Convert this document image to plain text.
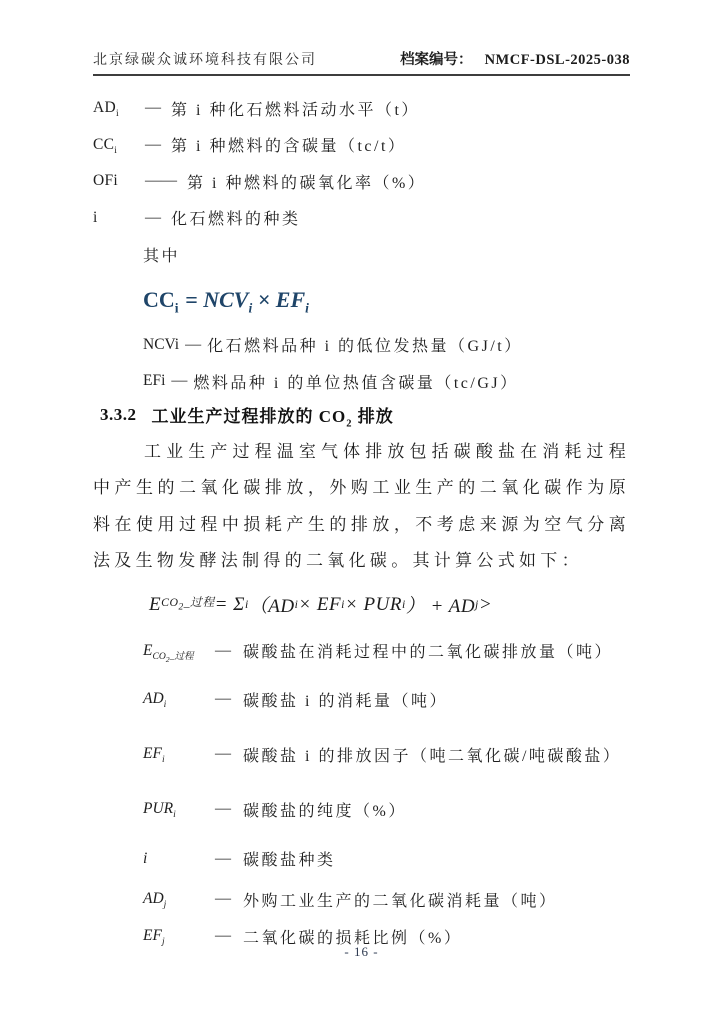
北京绿碳众诚环境科技有限公司	档案编号： NMCF-DSL-2025-038
$AD_i$	— 第 i 种化石燃料活动水平（t）
$CC_i$	— 第 i 种燃料的含碳量（tc/t）
OFi	—— 第 i 种燃料的碳氧化率（%）
i	— 化石燃料的种类
其中
$CC_i = NCV_i \times EF_i$
NCVi — 化石燃料品种 i 的低位发热量（GJ/t）
EFi — 燃料品种 i 的单位热值含碳量（tc/GJ）
3.3.2 工业生产过程排放的 $CO_2$ 排放

工业生产过程温室气体排放包括碳酸盐在消耗过程中产生的二氧化碳排放，外购工业生产的二氧化碳作为原料在使用过程中损耗产生的排放，不考虑来源为空气分离法及生物发酵法制得的二氧化碳。其计算公式如下：

E $CO_2\_$过程 = Σ i （AD i × EF i × PUR i ） + AD j >
$E_{CO_2\_过程}$	— 碳酸盐在消耗过程中的二氧化碳排放量（吨）
$AD_i$	— 碳酸盐 i 的消耗量（吨）
$EF_i$	— 碳酸盐 i 的排放因子（吨二氧化碳/吨碳酸盐）
$PUR_i$	— 碳酸盐的纯度（%）
i	— 碳酸盐种类
$AD_j$	— 外购工业生产的二氧化碳消耗量（吨）
$EF_j$	— 二氧化碳的损耗比例（%）
- 16 -
